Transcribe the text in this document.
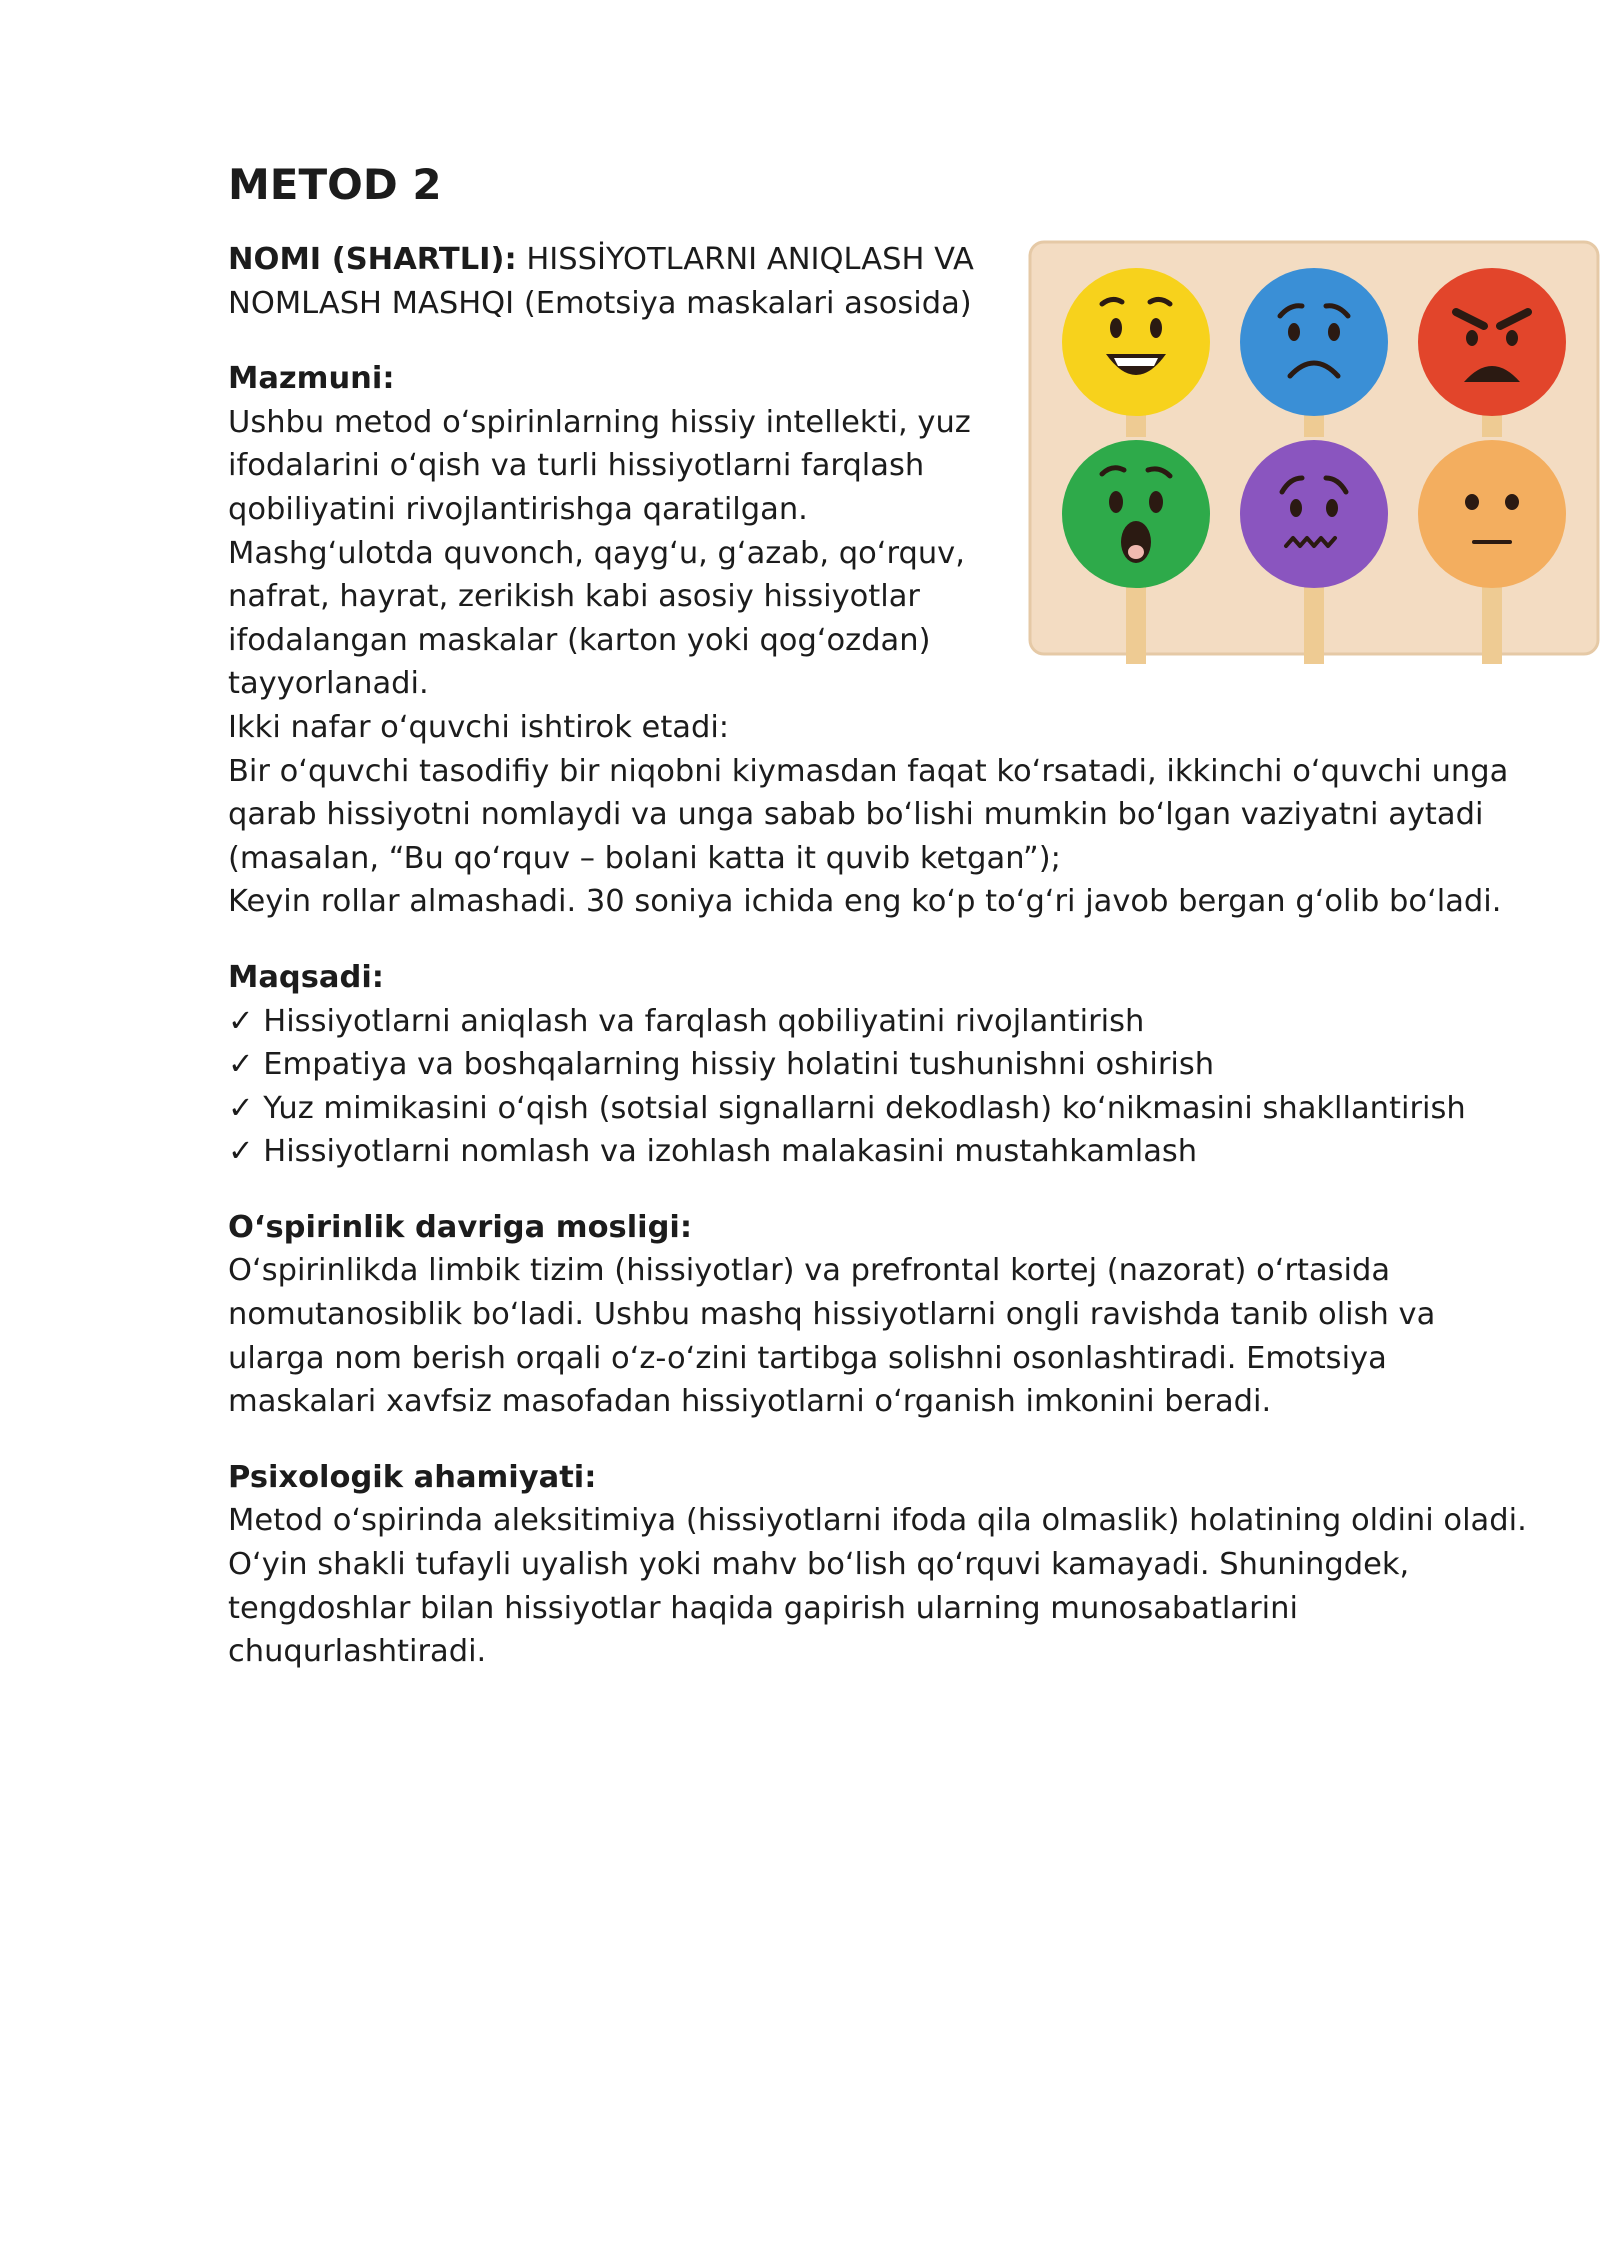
METOD 2

NOMI (SHARTLI): HISSİYOTLARNI ANIQLASH VA NOMLASH MASHQI (Emotsiya maskalari asosida)

Mazmuni:

Ushbu metod oʻspirinlarning hissiy intellekti, yuz ifodalarini oʻqish va turli hissiyotlarni farqlash qobiliyatini rivojlantirishga qaratilgan. Mashgʻulotda quvonch, qaygʻu, gʻazab, qoʻrquv, nafrat, hayrat, zerikish kabi asosiy hissiyotlar ifodalangan maskalar (karton yoki qogʻozdan) tayyorlanadi.

Ikki nafar oʻquvchi ishtirok etadi:

Bir oʻquvchi tasodifiy bir niqobni kiymasdan faqat koʻrsatadi, ikkinchi oʻquvchi unga qarab hissiyotni nomlaydi va unga sabab boʻlishi mumkin boʻlgan vaziyatni aytadi (masalan, “Bu qoʻrquv – bolani katta it quvib ketgan”);

Keyin rollar almashadi. 30 soniya ichida eng koʻp toʻgʻri javob bergan gʻolib boʻladi.

Maqsadi:

✓ Hissiyotlarni aniqlash va farqlash qobiliyatini rivojlantirish
✓ Empatiya va boshqalarning hissiy holatini tushunishni oshirish
✓ Yuz mimikasini oʻqish (sotsial signallarni dekodlash) koʻnikmasini shakllantirish
✓ Hissiyotlarni nomlash va izohlash malakasini mustahkamlash

Oʻspirinlik davriga mosligi:

Oʻspirinlikda limbik tizim (hissiyotlar) va prefrontal kortej (nazorat) oʻrtasida nomutanosiblik boʻladi. Ushbu mashq hissiyotlarni ongli ravishda tanib olish va ularga nom berish orqali oʻz-oʻzini tartibga solishni osonlashtiradi. Emotsiya maskalari xavfsiz masofadan hissiyotlarni oʻrganish imkonini beradi.

Psixologik ahamiyati:

Metod oʻspirinda aleksitimiya (hissiyotlarni ifoda qila olmaslik) holatining oldini oladi. Oʻyin shakli tufayli uyalish yoki mahv boʻlish qoʻrquvi kamayadi. Shuningdek, tengdoshlar bilan hissiyotlar haqida gapirish ularning munosabatlarini chuqurlashtiradi.
